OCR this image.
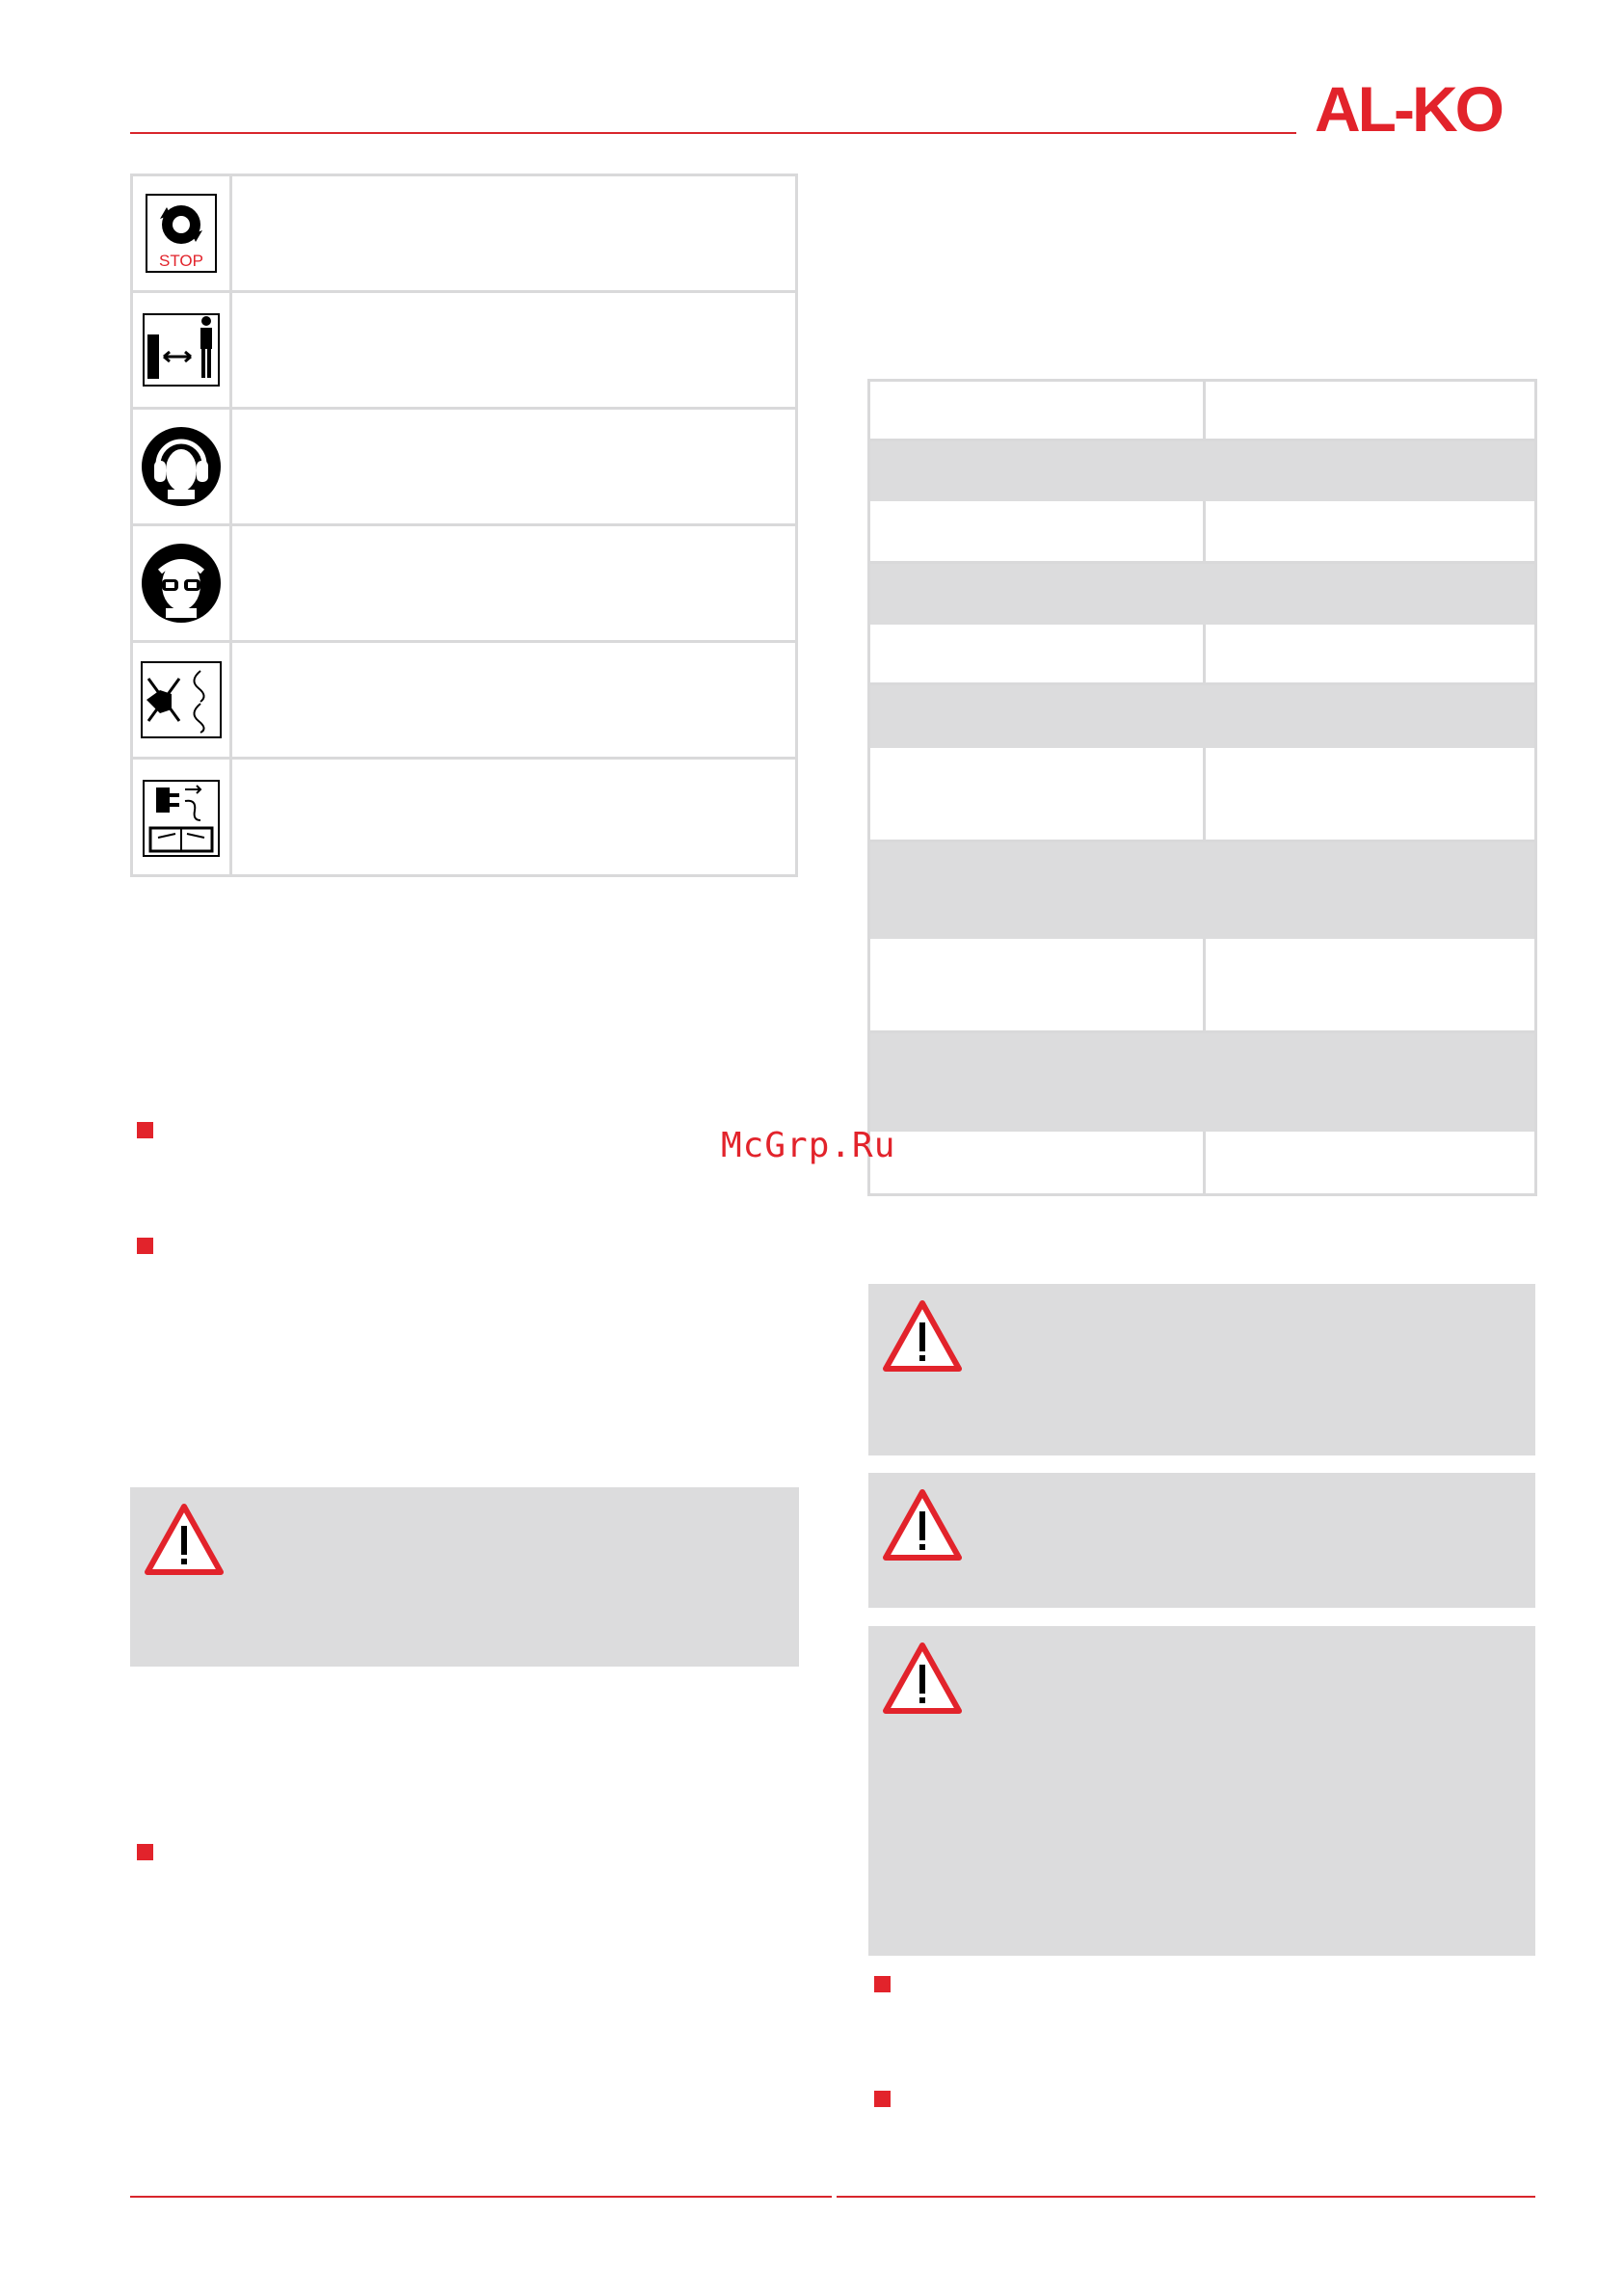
AL-KO
STOP
McGrp.Ru
